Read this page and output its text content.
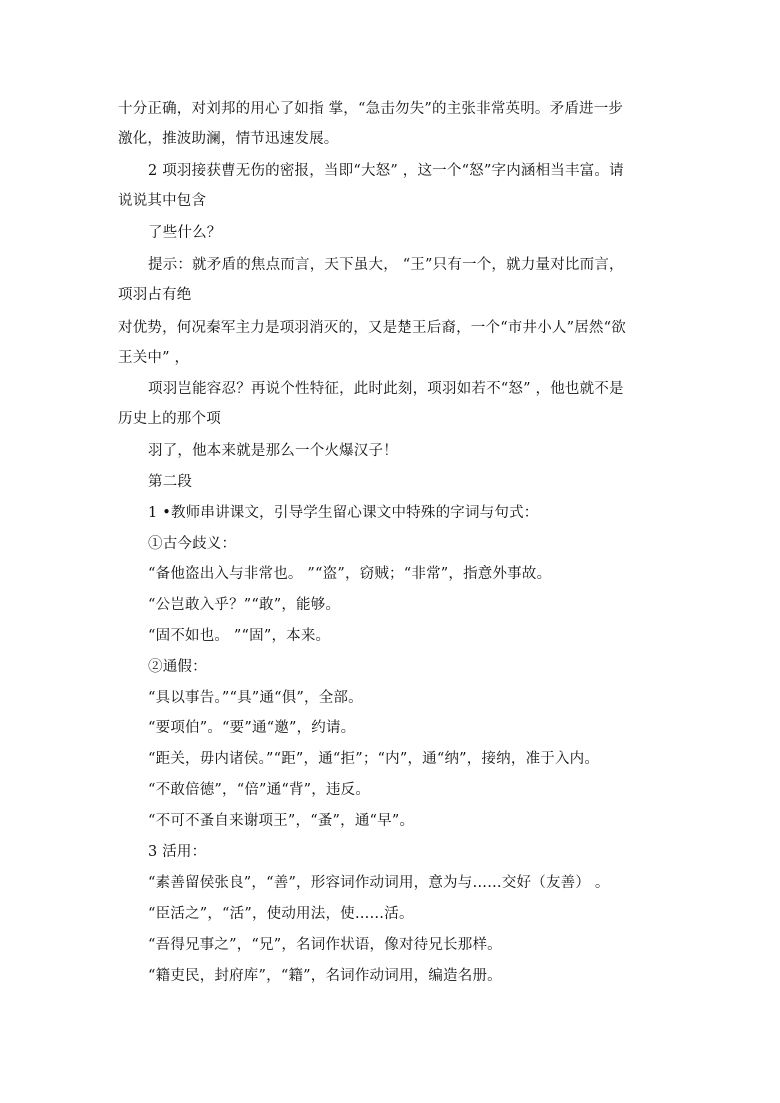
十分正确，对刘邦的用心了如指 掌，“急击勿失”的主张非常英明。矛盾进一步
激化，推波助澜，情节迅速发展。
2 项羽接获曹无伤的密报，当即“大怒” ，这一个“怒”字内涵相当丰富。请
说说其中包含
了些什么？
提示：就矛盾的焦点而言，天下虽大， “王”只有一个，就力量对比而言，
项羽占有绝
对优势，何况秦军主力是项羽消灭的，又是楚王后裔，一个“市井小人”居然“欲
王关中” ，
项羽岂能容忍？再说个性特征，此时此刻，项羽如若不“怒” ，他也就不是
历史上的那个项
羽了，他本来就是那么一个火爆汉子！
第二段
1 •教师串讲课文，引导学生留心课文中特殊的字词与句式：
①古今歧义：
“备他盗出入与非常也。 ”“盗”，窃贼；“非常”，指意外事故。
“公岂敢入乎？”“敢”，能够。
“固不如也。 ”“固”，本来。
②通假：
“具以事告。”“具”通“俱”，全部。
“要项伯”。“要”通“邀”，约请。
“距关，毋内诸侯。”“距”，通“拒”；“内”，通“纳”，接纳，准于入内。
“不敢倍德”，“倍”通“背”，违反。
“不可不蚤自来谢项王”，“蚤”，通“早”。
3 活用：
“素善留侯张良”，“善”，形容词作动词用，意为与……交好（友善） 。
“臣活之”，“活”，使动用法，使……活。
“吾得兄事之”，“兄”，名词作状语，像对待兄长那样。
“籍吏民，封府库”，“籍”，名词作动词用，编造名册。
